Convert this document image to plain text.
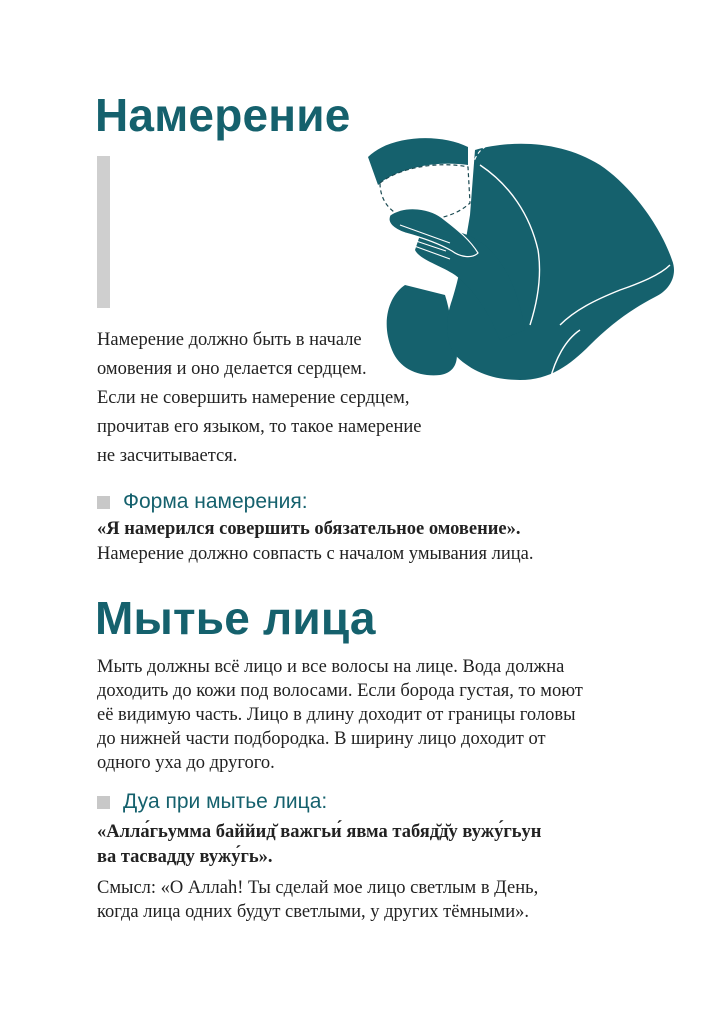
Намерение
Намерение должно быть в начале
омовения и оно делается сердцем.
Если не совершить намерение сердцем,
прочитав его языком, то такое намерение
не засчитывается.
Форма намерения:
«Я намерился совершить обязательное омовение».
Намерение должно совпасть с началом умывания лица.
Мытье лица
Мыть должны всё лицо и все волосы на лице. Вода должна
доходить до кожи под волосами. Если борода густая, то моют
её видимую часть. Лицо в длину доходит от границы головы
до нижней части подбородка. В ширину лицо доходит от
одного уха до другого.
Дуа при мытье лица:
«Алла́гьумма баййид̆ важгьи́ явма табяд̆д̆у вужу́гьун
ва тасвадду вужу́гь».
Смысл: «О Аллаh! Ты сделай мое лицо светлым в День,
когда лица одних будут светлыми, у других тёмными».
